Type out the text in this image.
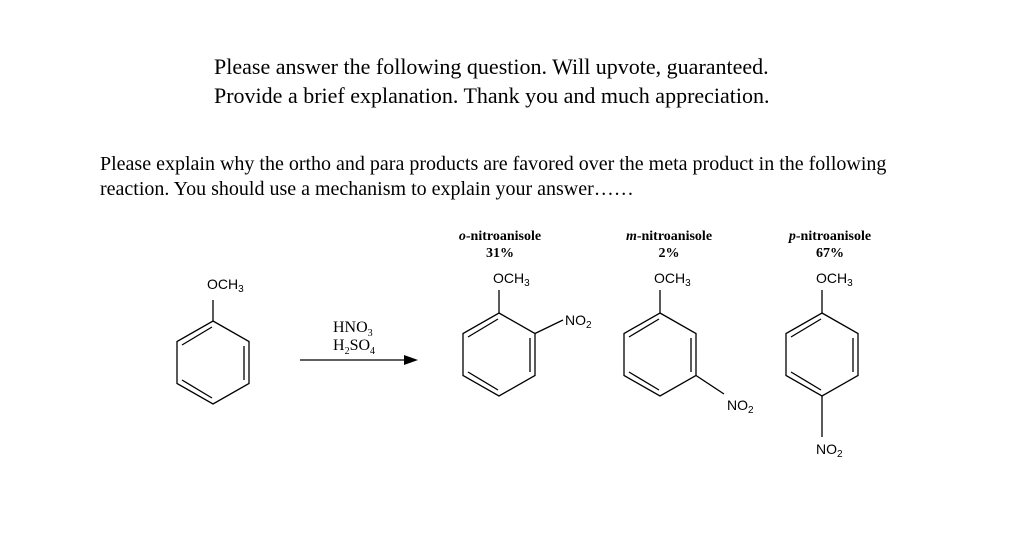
Please answer the following question. Will upvote, guaranteed.
Provide a brief explanation. Thank you and much appreciation.
Please explain why the ortho and para products are favored over the meta product in the following
reaction. You should use a mechanism to explain your answer……
o-nitroanisole
31%
m-nitroanisole
2%
p-nitroanisole
67%
$OCH_3$
$HNO_3$
$H_2SO_4$
$OCH_3$
$NO_2$
$OCH_3$
$NO_2$
$OCH_3$
$NO_2$
